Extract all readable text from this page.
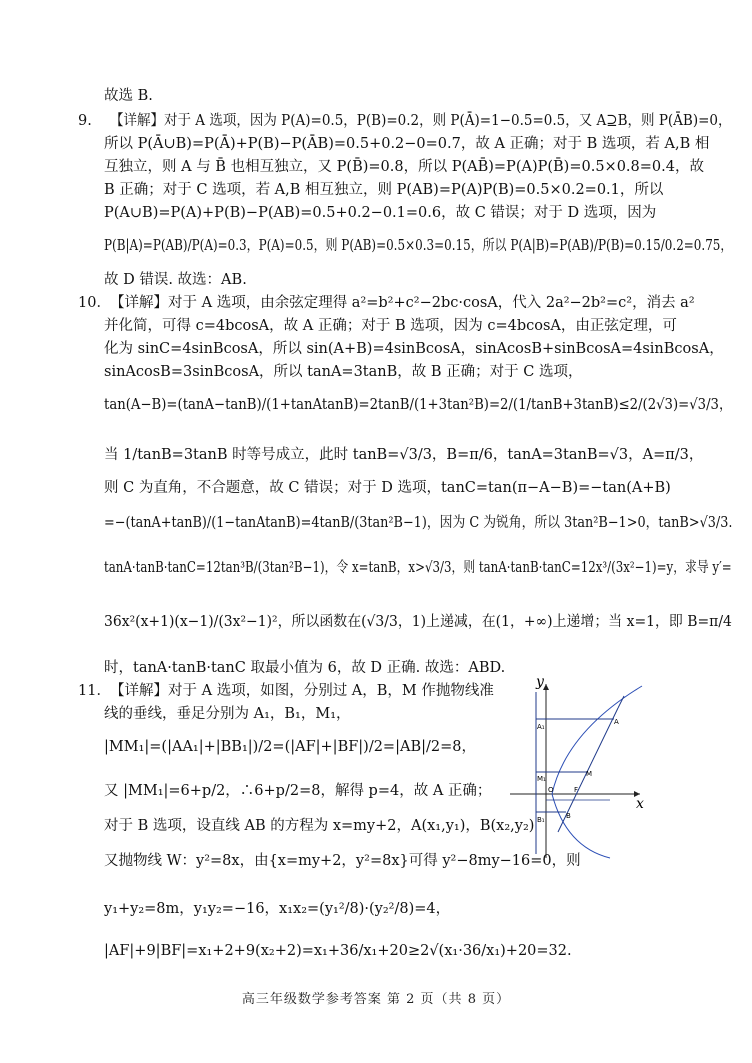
故选 B.
9. 【详解】对于 A 选项，因为 P(A)=0.5，P(B)=0.2，则 P(Ā)=1−0.5=0.5，又 A⊇B，则 P(ĀB)=0，
所以 P(Ā∪B)=P(Ā)+P(B)−P(ĀB)=0.5+0.2−0=0.7，故 A 正确；对于 B 选项，若 A,B 相
互独立，则 A 与 B̄ 也相互独立，又 P(B̄)=0.8，所以 P(AB̄)=P(A)P(B̄)=0.5×0.8=0.4，故
B 正确；对于 C 选项，若 A,B 相互独立，则 P(AB)=P(A)P(B)=0.5×0.2=0.1，所以
P(A∪B)=P(A)+P(B)−P(AB)=0.5+0.2−0.1=0.6，故 C 错误；对于 D 选项，因为
P(B|A)=P(AB)/P(A)=0.3，P(A)=0.5，则 P(AB)=0.5×0.3=0.15，所以 P(A|B)=P(AB)/P(B)=0.15/0.2=0.75，
故 D 错误. 故选：AB.
10． 【详解】对于 A 选项，由余弦定理得 a²=b²+c²−2bc·cosA，代入 2a²−2b²=c²，消去 a²
并化简，可得 c=4bcosA，故 A 正确；对于 B 选项，因为 c=4bcosA，由正弦定理，可
化为 sinC=4sinBcosA，所以 sin(A+B)=4sinBcosA，sinAcosB+sinBcosA=4sinBcosA，
sinAcosB=3sinBcosA，所以 tanA=3tanB，故 B 正确；对于 C 选项，
tan(A−B)=(tanA−tanB)/(1+tanAtanB)=2tanB/(1+3tan²B)=2/(1/tanB+3tanB)≤2/(2√3)=√3/3，
当 1/tanB=3tanB 时等号成立，此时 tanB=√3/3，B=π/6，tanA=3tanB=√3，A=π/3，
则 C 为直角，不合题意，故 C 错误；对于 D 选项，tanC=tan(π−A−B)=−tan(A+B)
=−(tanA+tanB)/(1−tanAtanB)=4tanB/(3tan²B−1)，因为 C 为锐角，所以 3tan²B−1>0，tanB>√3/3.
tanA·tanB·tanC=12tan³B/(3tan²B−1)，令 x=tanB，x>√3/3，则 tanA·tanB·tanC=12x³/(3x²−1)=y，求导 y′=
36x²(x+1)(x−1)/(3x²−1)²，所以函数在(√3/3，1)上递减，在(1，+∞)上递增；当 x=1，即 B=π/4
时，tanA·tanB·tanC 取最小值为 6，故 D 正确. 故选：ABD.
11． 【详解】对于 A 选项，如图，分别过 A，B，M 作抛物线准
线的垂线，垂足分别为 A₁，B₁，M₁，
|MM₁|=(|AA₁|+|BB₁|)/2=(|AF|+|BF|)/2=|AB|/2=8，
又 |MM₁|=6+p/2，∴6+p/2=8，解得 p=4，故 A 正确；
对于 B 选项，设直线 AB 的方程为 x=my+2，A(x₁,y₁)，B(x₂,y₂)
又抛物线 W：y²=8x，由{x=my+2，y²=8x}可得 y²−8my−16=0，则
y₁+y₂=8m，y₁y₂=−16，x₁x₂=(y₁²/8)·(y₂²/8)=4，
|AF|+9|BF|=x₁+2+9(x₂+2)=x₁+36/x₁+20≥2√(x₁·36/x₁)+20=32.
A
A₁
M
M₁
F
O
B
B₁
x
y
高三年级数学参考答案 第 2 页（共 8 页）
